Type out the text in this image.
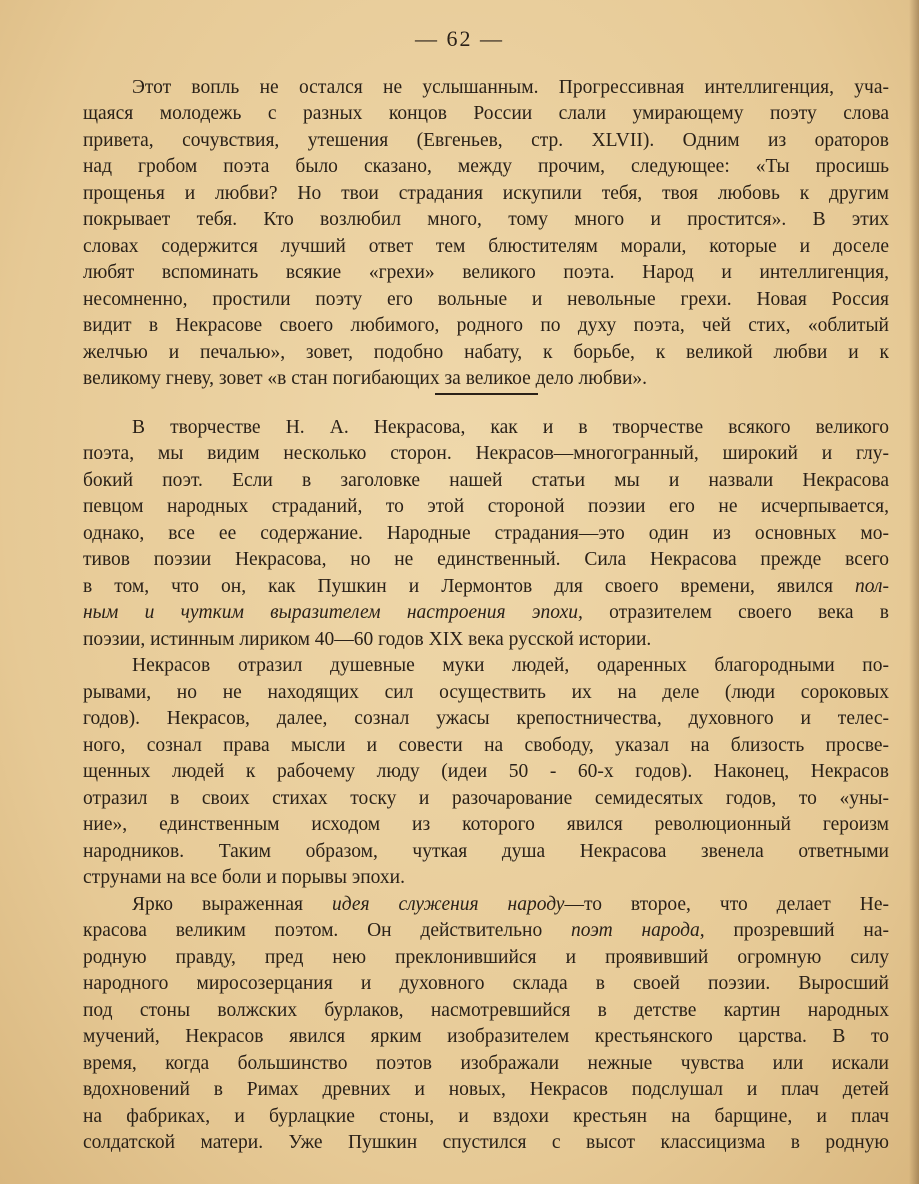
— 62 —
Этот вопль не остался не услышанным. Прогрессивная интеллигенция, уча-
щаяся молодежь с разных концов России слали умирающему поэту слова
привета, сочувствия, утешения (Евгеньев, стр. XLVII). Одним из ораторов
над гробом поэта было сказано, между прочим, следующее: «Ты просишь
прощенья и любви? Но твои страдания искупили тебя, твоя любовь к другим
покрывает тебя. Кто возлюбил много, тому много и простится». В этих
словах содержится лучший ответ тем блюстителям морали, которые и доселе
любят вспоминать всякие «грехи» великого поэта. Народ и интеллигенция,
несомненно, простили поэту его вольные и невольные грехи. Новая Россия
видит в Некрасове своего любимого, родного по духу поэта, чей стих, «облитый
желчью и печалью», зовет, подобно набату, к борьбе, к великой любви и к
великому гневу, зовет «в стан погибающих за великое дело любви».
В творчестве Н. А. Некрасова, как и в творчестве всякого великого
поэта, мы видим несколько сторон. Некрасов—многогранный, широкий и глу-
бокий поэт. Если в заголовке нашей статьи мы и назвали Некрасова
певцом народных страданий, то этой стороной поэзии его не исчерпывается,
однако, все ее содержание. Народные страдания—это один из основных мо-
тивов поэзии Некрасова, но не единственный. Сила Некрасова прежде всего
в том, что он, как Пушкин и Лермонтов для своего времени, явился пол-
ным и чутким выразителем настроения эпохи, отразителем своего века в
поэзии, истинным лириком 40—60 годов XIX века русской истории.
Некрасов отразил душевные муки людей, одаренных благородными по-
рывами, но не находящих сил осуществить их на деле (люди сороковых
годов). Некрасов, далее, сознал ужасы крепостничества, духовного и телес-
ного, сознал права мысли и совести на свободу, указал на близость просве-
щенных людей к рабочему люду (идеи 50 - 60-х годов). Наконец, Некрасов
отразил в своих стихах тоску и разочарование семидесятых годов, то «уны-
ние», единственным исходом из которого явился революционный героизм
народников. Таким образом, чуткая душа Некрасова звенела ответными
струнами на все боли и порывы эпохи.
Ярко выраженная идея служения народу—то второе, что делает Не-
красова великим поэтом. Он действительно поэт народа, прозревший на-
родную правду, пред нею преклонившийся и проявивший огромную силу
народного миросозерцания и духовного склада в своей поэзии. Выросший
под стоны волжских бурлаков, насмотревшийся в детстве картин народных
мучений, Некрасов явился ярким изобразителем крестьянского царства. В то
время, когда большинство поэтов изображали нежные чувства или искали
вдохновений в Римах древних и новых, Некрасов подслушал и плач детей
на фабриках, и бурлацкие стоны, и вздохи крестьян на барщине, и плач
солдатской матери. Уже Пушкин спустился с высот классицизма в родную
